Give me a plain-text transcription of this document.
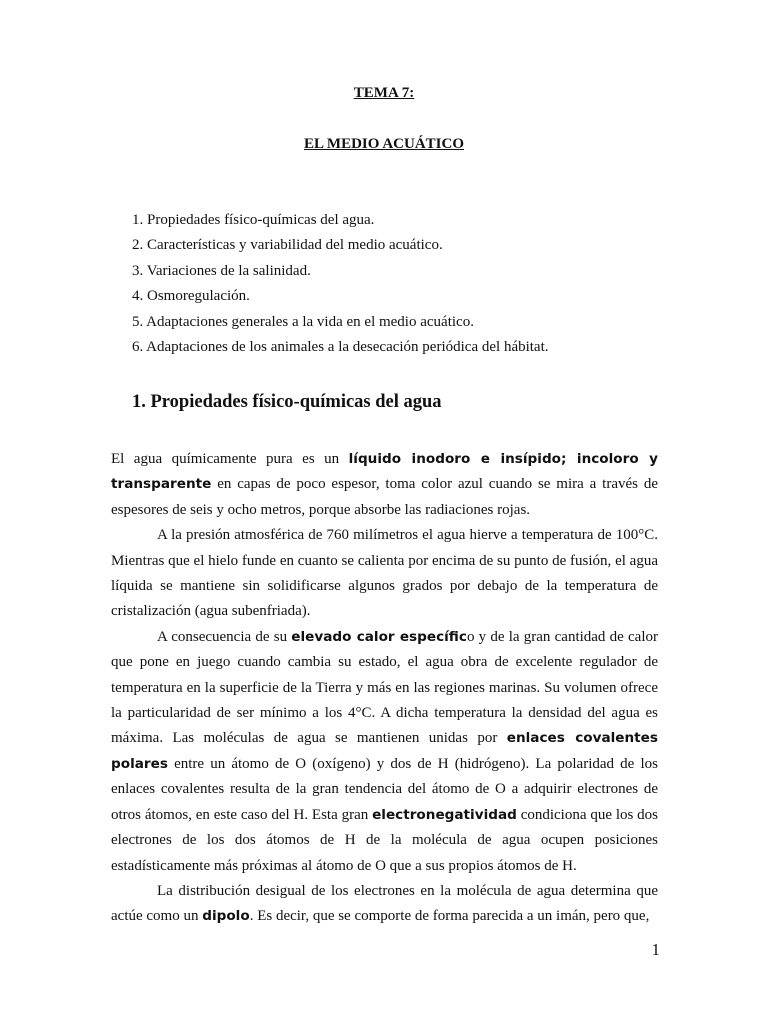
TEMA 7:
EL MEDIO ACUÁTICO
1. Propiedades físico-químicas del agua.
2. Características y variabilidad del medio acuático.
3. Variaciones de la salinidad.
4. Osmoregulación.
5. Adaptaciones generales a la vida en el medio acuático.
6. Adaptaciones de los animales a la desecación periódica del hábitat.
1. Propiedades físico-químicas del agua

El agua químicamente pura es un líquido inodoro e insípido; incoloro y transparente en capas de poco espesor, toma color azul cuando se mira a través de espesores de seis y ocho metros, porque absorbe las radiaciones rojas.

A la presión atmosférica de 760 milímetros el agua hierve a temperatura de 100°C. Mientras que el hielo funde en cuanto se calienta por encima de su punto de fusión, el agua líquida se mantiene sin solidificarse algunos grados por debajo de la temperatura de cristalización (agua subenfriada).

A consecuencia de su elevado calor específico y de la gran cantidad de calor que pone en juego cuando cambia su estado, el agua obra de excelente regulador de temperatura en la superficie de la Tierra y más en las regiones marinas. Su volumen ofrece la particularidad de ser mínimo a los 4°C. A dicha temperatura la densidad del agua es máxima. Las moléculas de agua se mantienen unidas por enlaces covalentes polares entre un átomo de O (oxígeno) y dos de H (hidrógeno). La polaridad de los enlaces covalentes resulta de la gran tendencia del átomo de O a adquirir electrones de otros átomos, en este caso del H. Esta gran electronegatividad condiciona que los dos electrones de los dos átomos de H de la molécula de agua ocupen posiciones estadísticamente más próximas al átomo de O que a sus propios átomos de H.

La distribución desigual de los electrones en la molécula de agua determina que actúe como un dipolo. Es decir, que se comporte de forma parecida a un imán, pero que,

1
